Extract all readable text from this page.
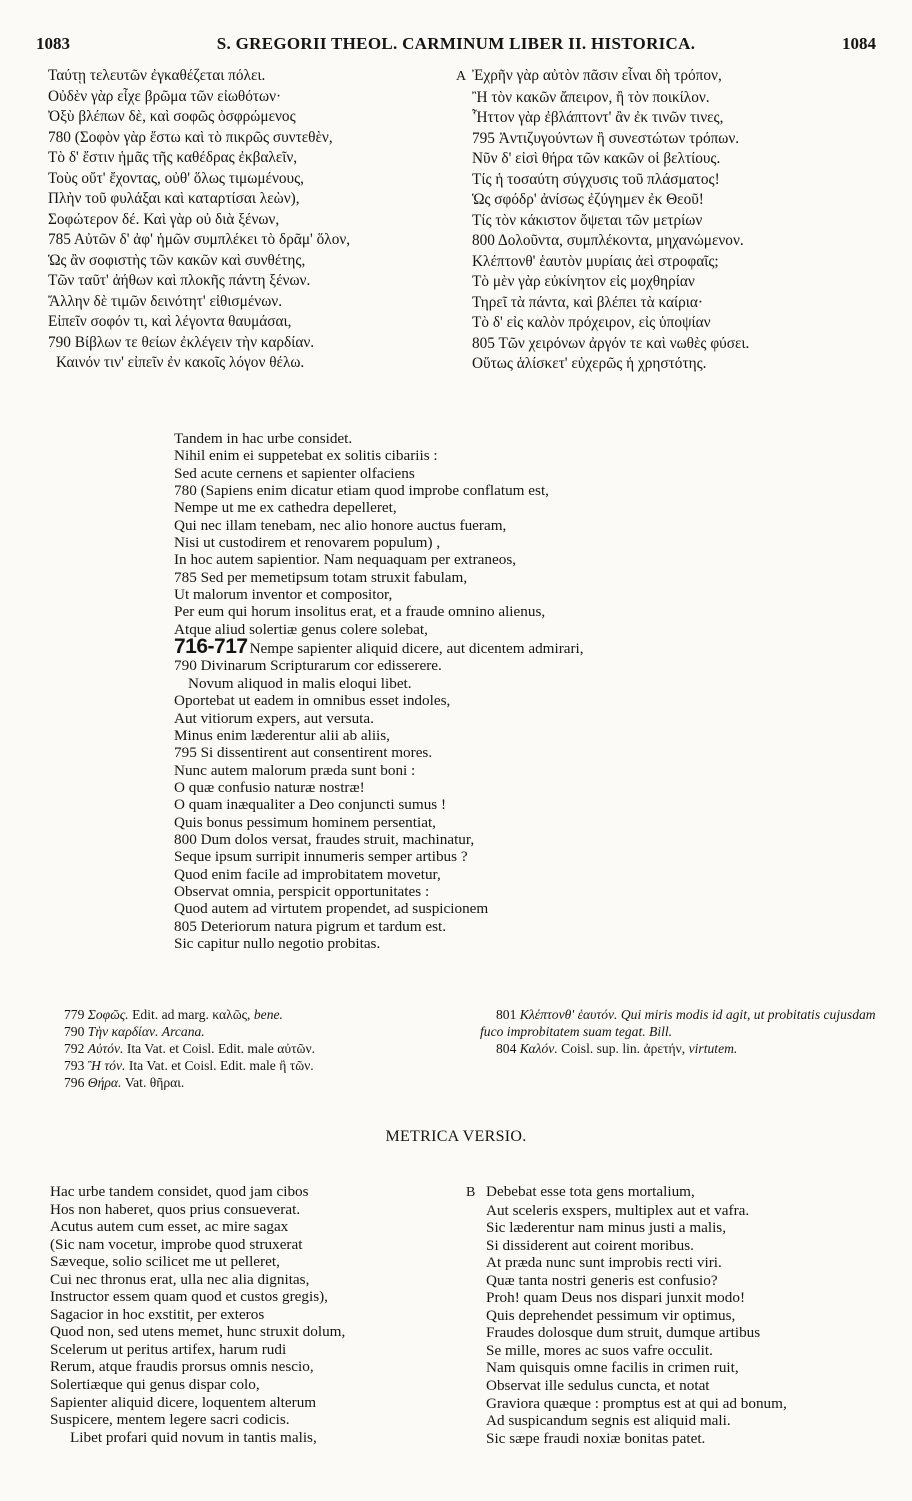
1083	S. GREGORII THEOL. CARMINUM LIBER II. HISTORICA.	1084
Ταύτῃ τελευτῶν ἐγκαθέζεται πόλει.
Οὐδὲν γὰρ εἶχε βρῶμα τῶν εἰωθότων·
Ὀξὺ βλέπων δὲ, καὶ σοφῶς ὀσφρώμενος
780 (Σοφὸν γὰρ ἔστω καὶ τὸ πικρῶς συντεθὲν,
Τὸ δ' ἔστιν ἡμᾶς τῆς καθέδρας ἐκβαλεῖν,
Τοὺς οὔτ' ἔχοντας, οὐθ' ὅλως τιμωμένους,
Πλὴν τοῦ φυλάξαι καὶ καταρτίσαι λεὼν),
Σοφώτερον δέ. Καὶ γὰρ οὐ διὰ ξένων,
785 Αὐτῶν δ' ἀφ' ἡμῶν συμπλέκει τὸ δρᾶμ' ὅλον,
Ὡς ἂν σοφιστὴς τῶν κακῶν καὶ συνθέτης,
Τῶν ταῦτ' ἀήθων καὶ πλοκῆς πάντη ξένων.
Ἄλλην δὲ τιμῶν δεινότητ' εἰθισμένων.
Εἰπεῖν σοφόν τι, καὶ λέγοντα θαυμάσαι,
790 Βίβλων τε θείων ἐκλέγειν τὴν καρδίαν.
Καινόν τιν' εἰπεῖν ἐν κακοῖς λόγον θέλω.
A Ἐχρῆν γὰρ αὐτὸν πᾶσιν εἶναι δὴ τρόπον,
Ἢ τὸν κακῶν ἄπειρον, ἢ τὸν ποικίλον.
Ἧττον γὰρ ἐβλάπτοντ' ἂν ἐκ τινῶν τινες,
795 Ἀντιζυγούντων ἢ συνεστώτων τρόπων.
Νῦν δ' εἰσὶ θήρα τῶν κακῶν οἱ βελτίους.
Τίς ἡ τοσαύτη σύγχυσις τοῦ πλάσματος!
Ὡς σφόδρ' ἀνίσως ἐζύγημεν ἐκ Θεοῦ!
Τίς τὸν κάκιστον ὄψεται τῶν μετρίων
800 Δολοῦντα, συμπλέκοντα, μηχανώμενον.
Κλέπτονθ' ἑαυτὸν μυρίαις ἀεὶ στροφαῖς;
Τὸ μὲν γὰρ εὐκίνητον εἰς μοχθηρίαν
Τηρεῖ τὰ πάντα, καὶ βλέπει τὰ καίρια·
Τὸ δ' εἰς καλὸν πρόχειρον, εἰς ὑποψίαν
805 Τῶν χειρόνων ἀργόν τε καὶ νωθὲς φύσει.
Οὕτως ἁλίσκετ' εὐχερῶς ἡ χρηστότης.
Tandem in hac urbe considet.
Nihil enim ei suppetebat ex solitis cibariis :
Sed acute cernens et sapienter olfaciens
780 (Sapiens enim dicatur etiam quod improbe conflatum est,
Nempe ut me ex cathedra depelleret,
Qui nec illam tenebam, nec alio honore auctus fueram,
Nisi ut custodirem et renovarem populum) ,
In hoc autem sapientior. Nam nequaquam per extraneos,
785 Sed per memetipsum totam struxit fabulam,
Ut malorum inventor et compositor,
Per eum qui horum insolitus erat, et a fraude omnino alienus,
Atque aliud solertiæ genus colere solebat,
716-717 Nempe sapienter aliquid dicere, aut dicentem admirari,
790 Divinarum Scripturarum cor edisserere.
Novum aliquod in malis eloqui libet.
Oportebat ut eadem in omnibus esset indoles,
Aut vitiorum expers, aut versuta.
Minus enim læderentur alii ab aliis,
795 Si dissentirent aut consentirent mores.
Nunc autem malorum præda sunt boni :
O quæ confusio naturæ nostræ!
O quam inæqualiter a Deo conjuncti sumus !
Quis bonus pessimum hominem persentiat,
800 Dum dolos versat, fraudes struit, machinatur,
Seque ipsum surripit innumeris semper artibus ?
Quod enim facile ad improbitatem movetur,
Observat omnia, perspicit opportunitates :
Quod autem ad virtutem propendet, ad suspicionem
805 Deteriorum natura pigrum et tardum est.
Sic capitur nullo negotio probitas.
779 Σοφῶς. Edit. ad marg. καλῶς, bene.
790 Τὴν καρδίαν. Arcana.
792 Αὐτόν. Ita Vat. et Coisl. Edit. male αὐτῶν.
793 Ἢ τόν. Ita Vat. et Coisl. Edit. male ἢ τῶν.
796 Θήρα. Vat. θῆραι.
801 Κλέπτονθ' ἑαυτόν. Qui miris modis id agit, ut probitatis cujusdam fuco improbitatem suam tegat. Bill.
804 Καλόν. Coisl. sup. lin. ἀρετήν, virtutem.
METRICA VERSIO.
Hac urbe tandem considet, quod jam cibos
Hos non haberet, quos prius consueverat.
Acutus autem cum esset, ac mire sagax
(Sic nam vocetur, improbe quod struxerat
Sæveque, solio scilicet me ut pelleret,
Cui nec thronus erat, ulla nec alia dignitas,
Instructor essem quam quod et custos gregis),
Sagacior in hoc exstitit, per exteros
Quod non, sed utens memet, hunc struxit dolum,
Scelerum ut peritus artifex, harum rudi
Rerum, atque fraudis prorsus omnis nescio,
Solertiæque qui genus dispar colo,
Sapienter aliquid dicere, loquentem alterum
Suspicere, mentem legere sacri codicis.
Libet profari quid novum in tantis malis,
B Debebat esse tota gens mortalium,
Aut sceleris exspers, multiplex aut et vafra.
Sic læderentur nam minus justi a malis,
Si dissiderent aut coirent moribus.
At præda nunc sunt improbis recti viri.
Quæ tanta nostri generis est confusio?
Proh! quam Deus nos dispari junxit modo!
Quis deprehendet pessimum vir optimus,
Fraudes dolosque dum struit, dumque artibus
Se mille, mores ac suos vafre occulit.
Nam quisquis omne facilis in crimen ruit,
Observat ille sedulus cuncta, et notat
Graviora quæque : promptus est at qui ad bonum,
Ad suspicandum segnis est aliquid mali.
Sic sæpe fraudi noxiæ bonitas patet.
